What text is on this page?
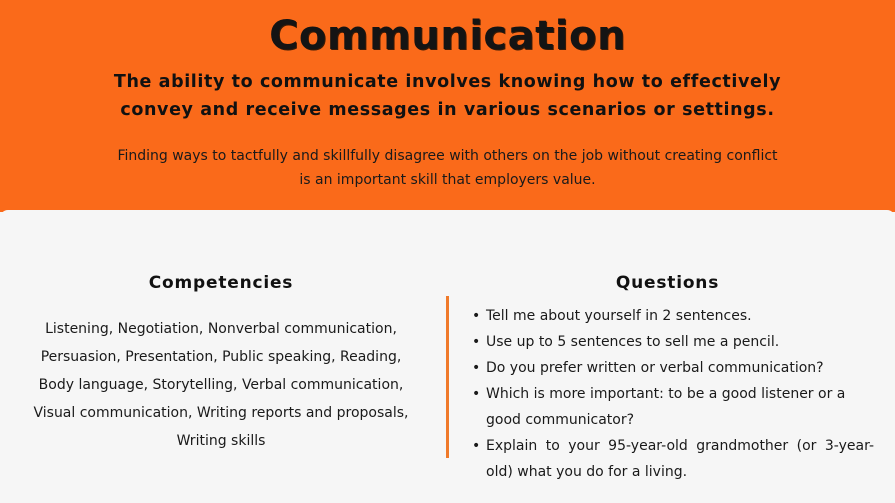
Communication
The ability to communicate involves knowing how to effectively convey and receive messages in various scenarios or settings.
Finding ways to tactfully and skillfully disagree with others on the job without creating conflict is an important skill that employers value.
Competencies
Listening, Negotiation, Nonverbal communication, Persuasion, Presentation, Public speaking, Reading, Body language, Storytelling, Verbal communication, Visual communication, Writing reports and proposals, Writing skills
Questions
• Tell me about yourself in 2 sentences.
• Use up to 5 sentences to sell me a pencil.
• Do you prefer written or verbal communication?
• Which is more important: to be a good listener or a good communicator?
• Explain to your 95-year-old grandmother (or 3-year-old) what you do for a living.
